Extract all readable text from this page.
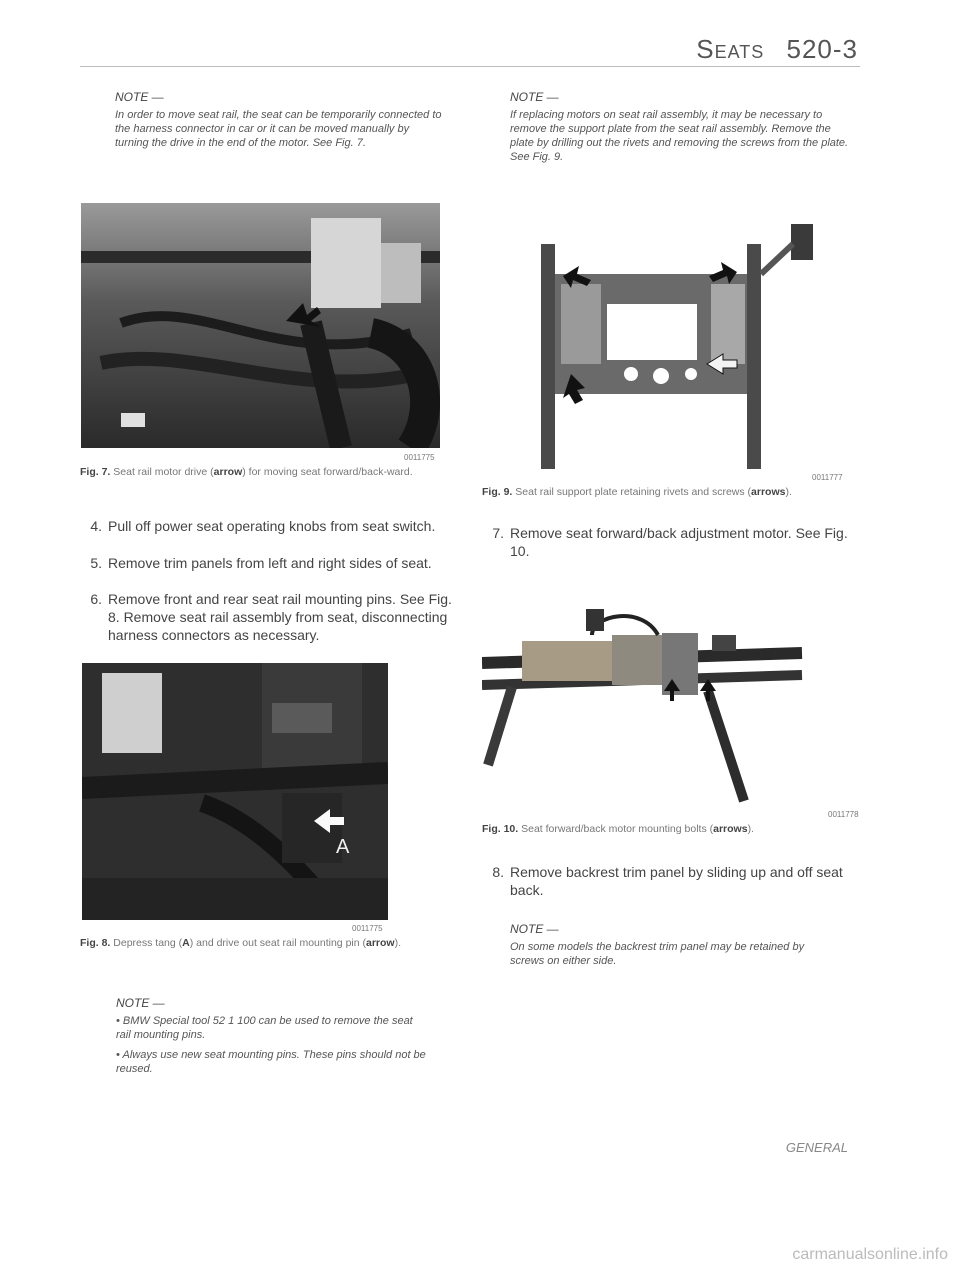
Seats 520-3
NOTE —

In order to move seat rail, the seat can be temporarily connected to the harness connector in car or it can be moved manually by turning the drive in the end of the motor. See Fig. 7.

NOTE —

If replacing motors on seat rail assembly, it may be necessary to remove the support plate from the seat rail assembly. Remove the plate by drilling out the rivets and removing the screws from the plate. See Fig. 9.

0011775
Fig. 7. Seat rail motor drive (arrow) for moving seat forward/back-ward.
4. Pull off power seat operating knobs from seat switch.
5. Remove trim panels from left and right sides of seat.
6. Remove front and rear seat rail mounting pins. See Fig. 8. Remove seat rail assembly from seat, disconnecting harness connectors as necessary.
A
0011775
Fig. 8. Depress tang (A) and drive out seat rail mounting pin (arrow).
NOTE —

• BMW Special tool 52 1 100 can be used to remove the seat rail mounting pins.

• Always use new seat mounting pins. These pins should not be reused.

0011777
Fig. 9. Seat rail support plate retaining rivets and screws (arrows).
7. Remove seat forward/back adjustment motor. See Fig. 10.
0011778
Fig. 10. Seat forward/back motor mounting bolts (arrows).
8. Remove backrest trim panel by sliding up and off seat back.
NOTE —

On some models the backrest trim panel may be retained by screws on either side.

GENERAL
carmanualsonline.info
